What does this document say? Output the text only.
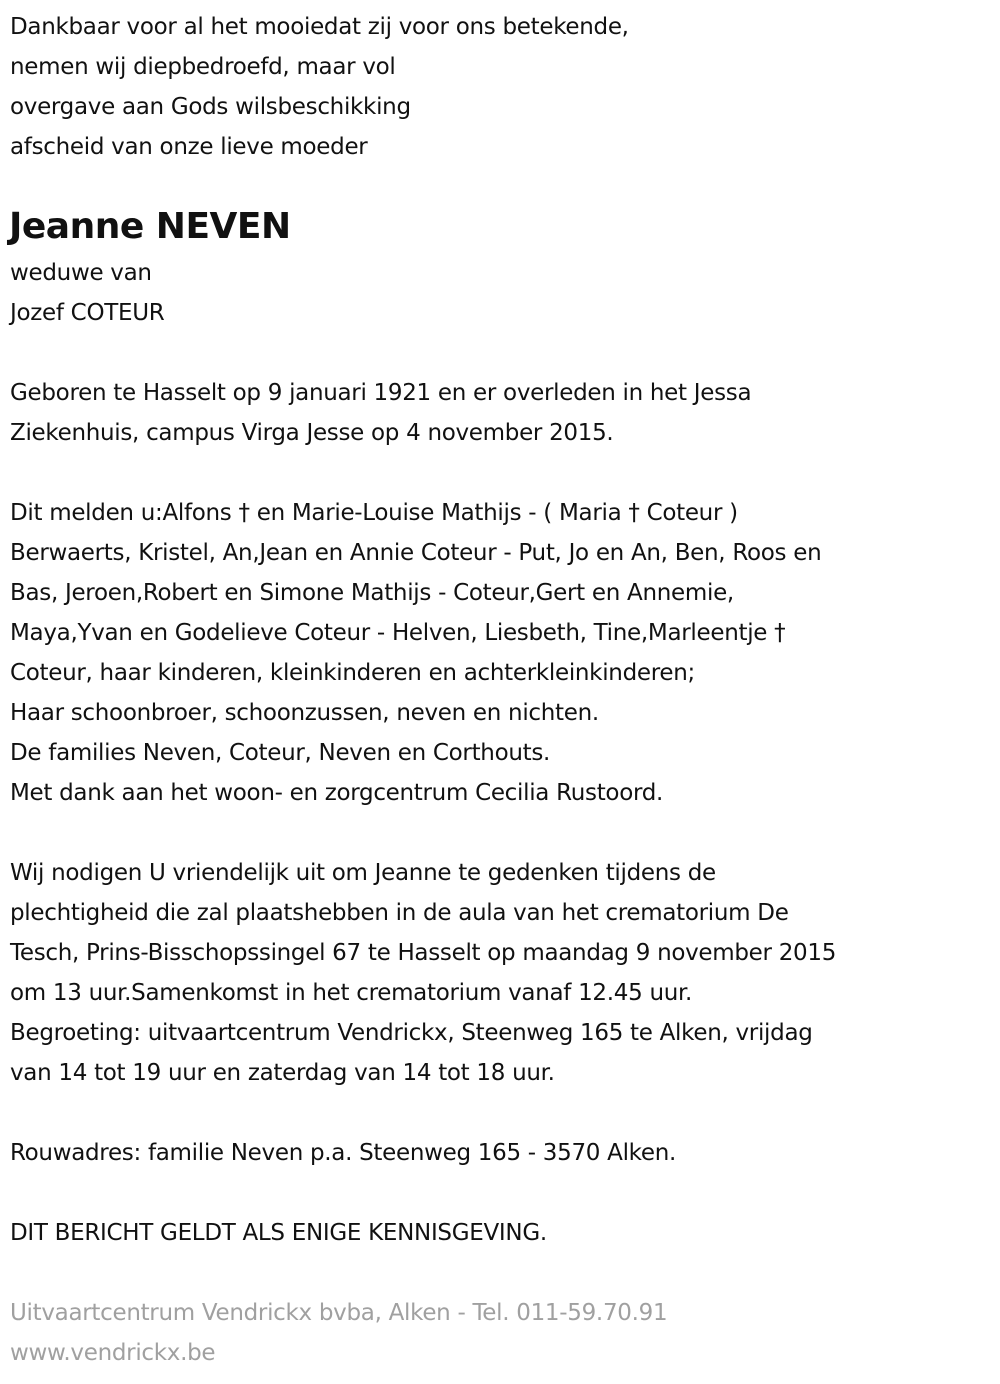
Dankbaar voor al het mooiedat zij voor ons betekende,
nemen wij diepbedroefd, maar vol
overgave aan Gods wilsbeschikking
afscheid van onze lieve moeder
Jeanne NEVEN
weduwe van
Jozef COTEUR
Geboren te Hasselt op 9 januari 1921 en er overleden in het Jessa
Ziekenhuis, campus Virga Jesse op 4 november 2015.
Dit melden u:Alfons † en Marie-Louise Mathijs - ( Maria † Coteur )
Berwaerts, Kristel, An,Jean en Annie Coteur - Put, Jo en An, Ben, Roos en
Bas, Jeroen,Robert en Simone Mathijs - Coteur,Gert en Annemie,
Maya,Yvan en Godelieve Coteur - Helven, Liesbeth, Tine,Marleentje †
Coteur, haar kinderen, kleinkinderen en achterkleinkinderen;
Haar schoonbroer, schoonzussen, neven en nichten.
De families Neven, Coteur, Neven en Corthouts.
Met dank aan het woon- en zorgcentrum Cecilia Rustoord.
Wij nodigen U vriendelijk uit om Jeanne te gedenken tijdens de
plechtigheid die zal plaatshebben in de aula van het crematorium De
Tesch, Prins-Bisschopssingel 67 te Hasselt op maandag 9 november 2015
om 13 uur.Samenkomst in het crematorium vanaf 12.45 uur.
Begroeting: uitvaartcentrum Vendrickx, Steenweg 165 te Alken, vrijdag
van 14 tot 19 uur en zaterdag van 14 tot 18 uur.
Rouwadres: familie Neven p.a. Steenweg 165 - 3570 Alken.
DIT BERICHT GELDT ALS ENIGE KENNISGEVING.
Uitvaartcentrum Vendrickx bvba, Alken - Tel. 011-59.70.91
www.vendrickx.be
